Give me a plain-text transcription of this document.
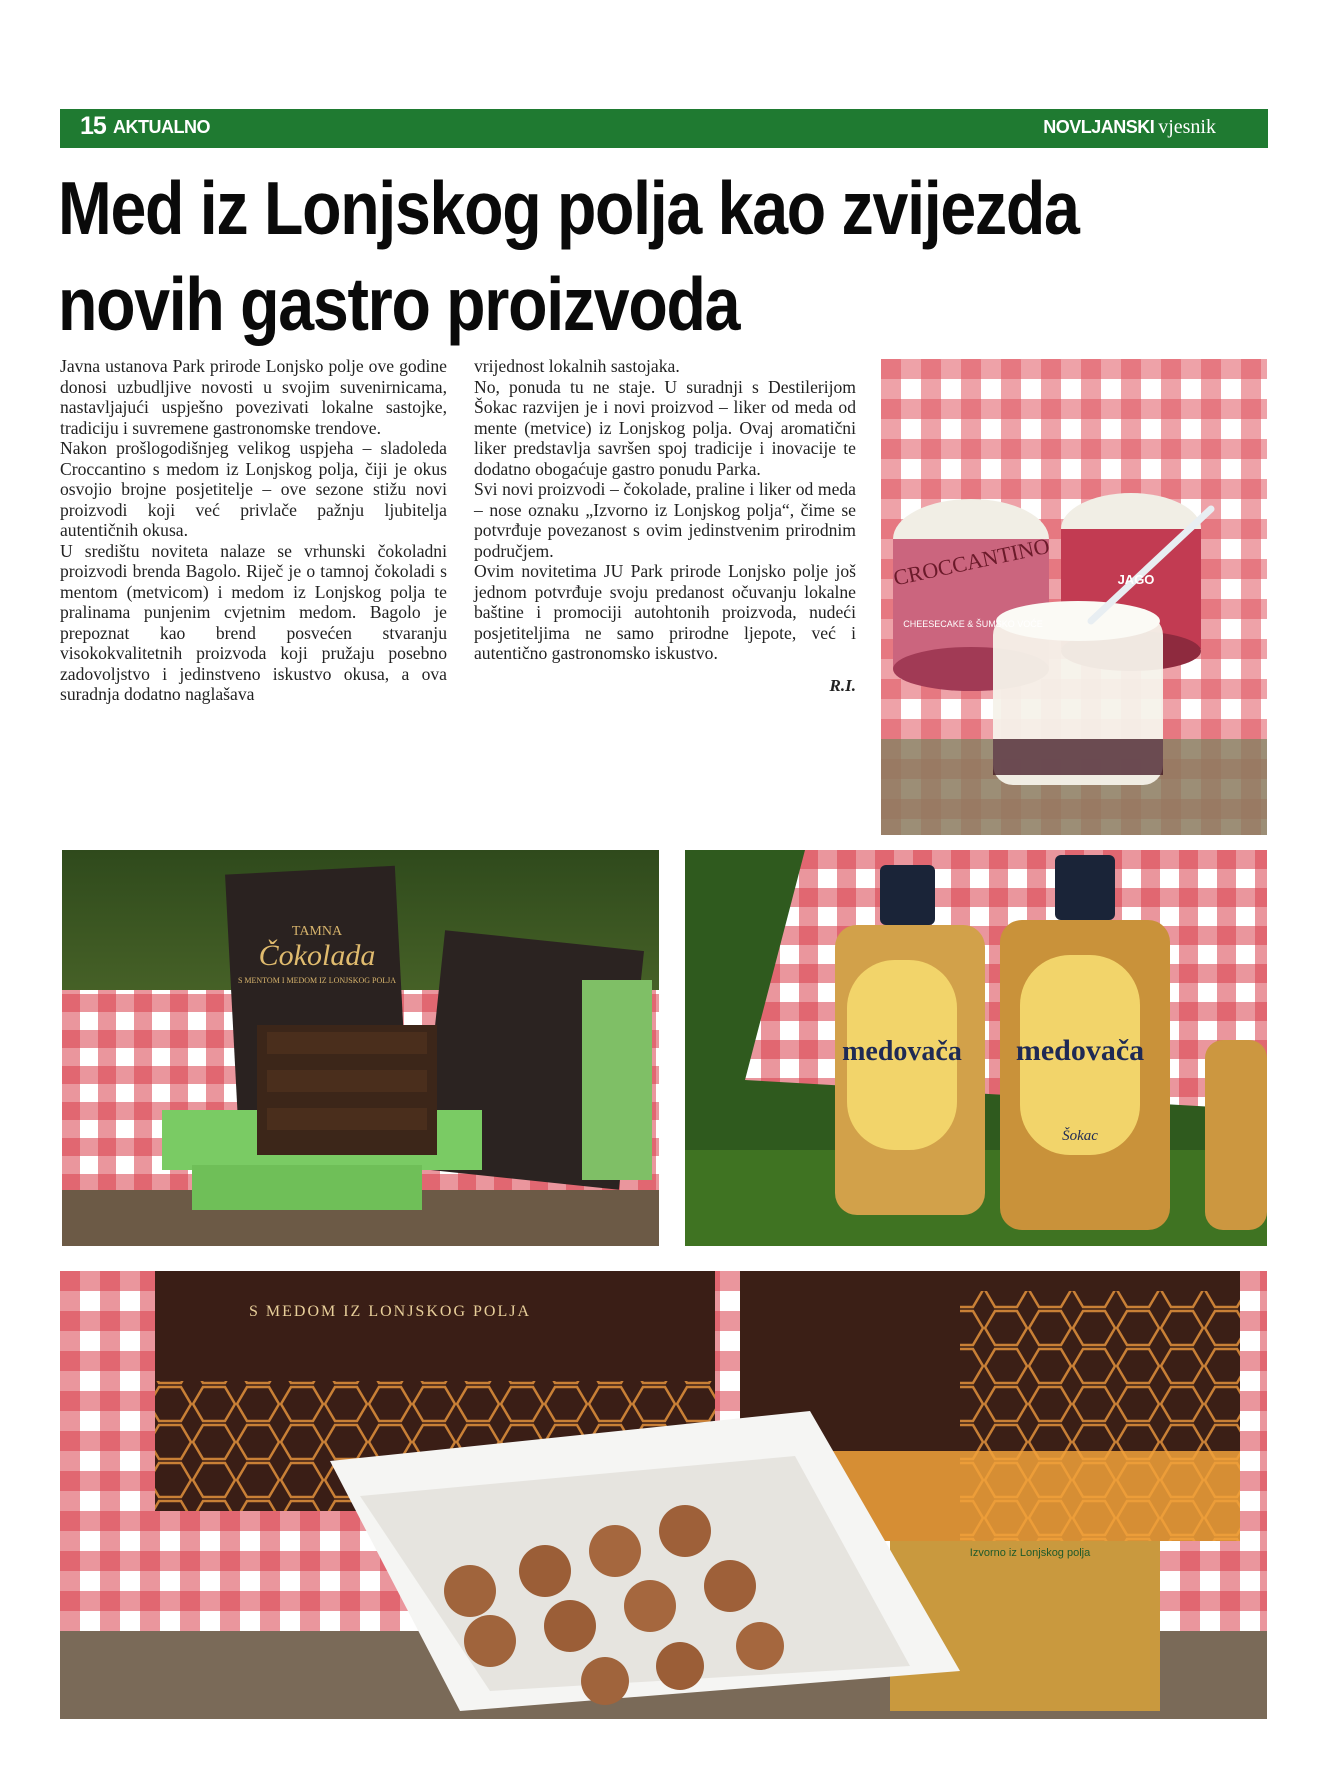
15 AKTUALNO	NOVLJANSKI vjesnik
Med iz Lonjskog polja kao zvijezda novih gastro proizvoda

Javna ustanova Park prirode Lonjsko polje ove godine donosi uzbudljive novosti u svojim suvenirnicama, nastavljajući uspješno povezivati lokalne sastojke, tradiciju i suvremene gastronomske trendove.

Nakon prošlogodišnjeg velikog uspjeha – sladoleda Croccantino s medom iz Lonjskog polja, čiji je okus osvojio brojne posjetitelje – ove sezone stižu novi proizvodi koji već privlače pažnju ljubitelja autentičnih okusa.

U središtu noviteta nalaze se vrhunski čokoladni proizvodi brenda Bagolo. Riječ je o tamnoj čokoladi s mentom (metvicom) i medom iz Lonjskog polja te pralinama punjenim cvjetnim medom. Bagolo je prepoznat kao brend posvećen stvaranju visokokvalitetnih proizvoda koji pružaju posebno zadovoljstvo i jedinstveno iskustvo okusa, a ova suradnja dodatno naglašava

vrijednost lokalnih sastojaka.

No, ponuda tu ne staje. U suradnji s Destilerijom Šokac razvijen je i novi proizvod – liker od meda od mente (metvice) iz Lonjskog polja. Ovaj aromatični liker predstavlja savršen spoj tradicije i inovacije te dodatno obogaćuje gastro ponudu Parka.

Svi novi proizvodi – čokolade, praline i liker od meda – nose oznaku „Izvorno iz Lonjskog polja“, čime se potvrđuje povezanost s ovim jedinstvenim prirodnim područjem.

Ovim novitetima JU Park prirode Lonjsko polje još jednom potvrđuje svoju predanost očuvanju lokalne baštine i promociji autohtonih proizvoda, nudeći posjetiteljima ne samo prirodne ljepote, već i autentično gastronomsko iskustvo.

R.I.

CROCCANTINO
CHEESECAKE & ŠUMSKO VOĆE
JAGO
TAMNA
Čokolada
S MENTOM I MEDOM IZ LONJSKOG POLJA
medovača medovača
Šokac
S MEDOM IZ LONJSKOG POLJA
Izvorno iz Lonjskog polja
